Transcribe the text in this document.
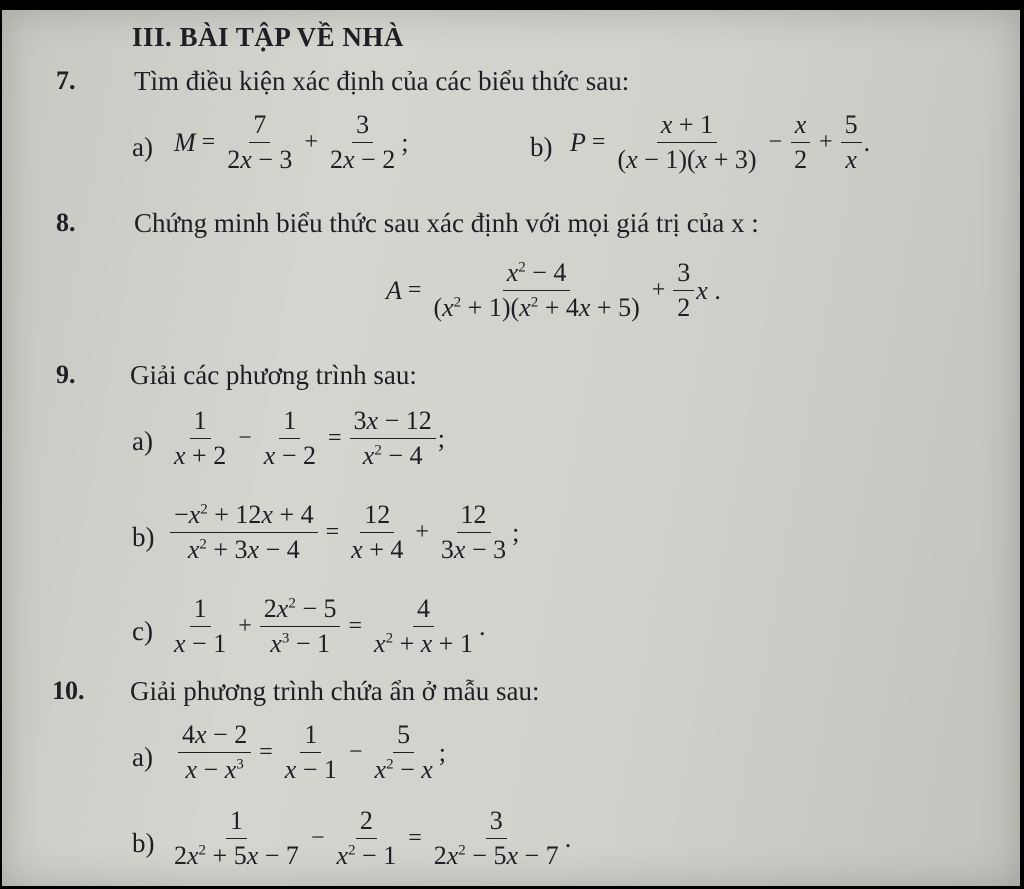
III. BÀI TẬP VỀ NHÀ
7. Tìm điều kiện xác định của các biểu thức sau:
a) $M = \frac{7}{2x - 3} + \frac{3}{2x - 2}$ ;	b) $P = \frac{x + 1}{(x - 1)(x + 3)} - \frac{x}{2} + \frac{5}{x}$ .
8. Chứng minh biểu thức sau xác định với mọi giá trị của x :
$A = \frac{x^2 - 4}{(x^2 + 1)(x^2 + 4x + 5)} + \frac{3}{2}$ x .
9. Giải các phương trình sau:
$a) \frac{1}{x + 2} - \frac{1}{x - 2} = \frac{3x - 12}{x^2 - 4}$ ;
$b) \frac{-x^2 + 12x + 4}{x^2 + 3x - 4} = \frac{12}{x + 4} + \frac{12}{3x - 3}$ ;
$c) \frac{1}{x - 1} + \frac{2x^2 - 5}{x^3 - 1} = \frac{4}{x^2 + x + 1}$ .
10. Giải phương trình chứa ẩn ở mẫu sau:
$a) \frac{4x - 2}{x - x^3} = \frac{1}{x - 1} - \frac{5}{x^2 - x}$ ;
$b) \frac{1}{2x^2 + 5x - 7} - \frac{2}{x^2 - 1} = \frac{3}{2x^2 - 5x - 7}$ .
